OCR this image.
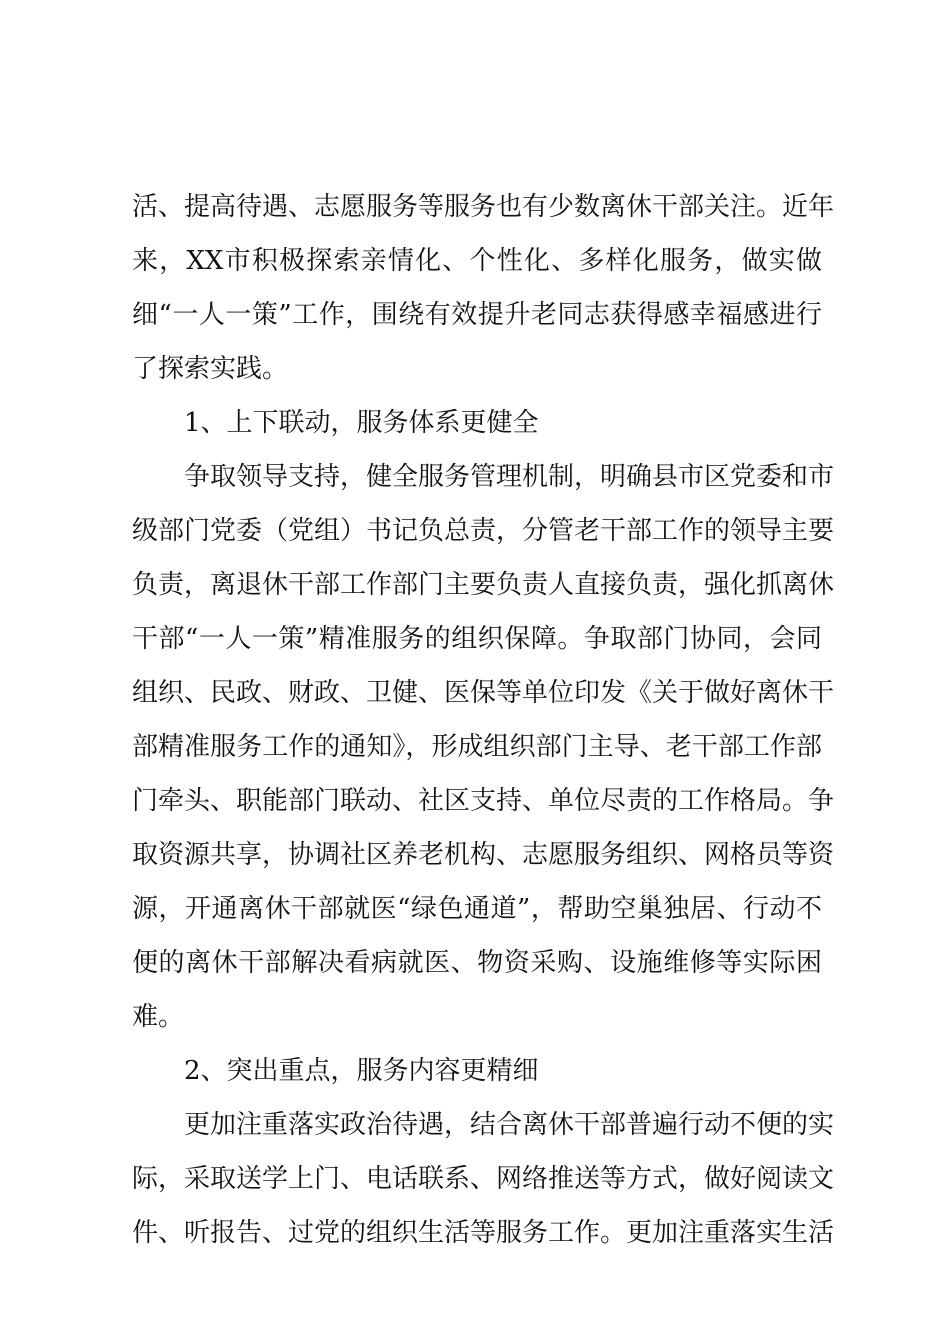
活、提高待遇、志愿服务等服务也有少数离休干部关注。近年
来，XX市积极探索亲情化、个性化、多样化服务，做实做
细“一人一策”工作，围绕有效提升老同志获得感幸福感进行
了探索实践。
1、上下联动，服务体系更健全
争取领导支持，健全服务管理机制，明确县市区党委和市
级部门党委（党组）书记负总责，分管老干部工作的领导主要
负责，离退休干部工作部门主要负责人直接负责，强化抓离休
干部“一人一策”精准服务的组织保障。争取部门协同，会同
组织、民政、财政、卫健、医保等单位印发《关于做好离休干
部精准服务工作的通知》，形成组织部门主导、老干部工作部
门牵头、职能部门联动、社区支持、单位尽责的工作格局。争
取资源共享，协调社区养老机构、志愿服务组织、网格员等资
源，开通离休干部就医“绿色通道”，帮助空巢独居、行动不
便的离休干部解决看病就医、物资采购、设施维修等实际困
难。
2、突出重点，服务内容更精细
更加注重落实政治待遇，结合离休干部普遍行动不便的实
际，采取送学上门、电话联系、网络推送等方式，做好阅读文
件、听报告、过党的组织生活等服务工作。更加注重落实生活
